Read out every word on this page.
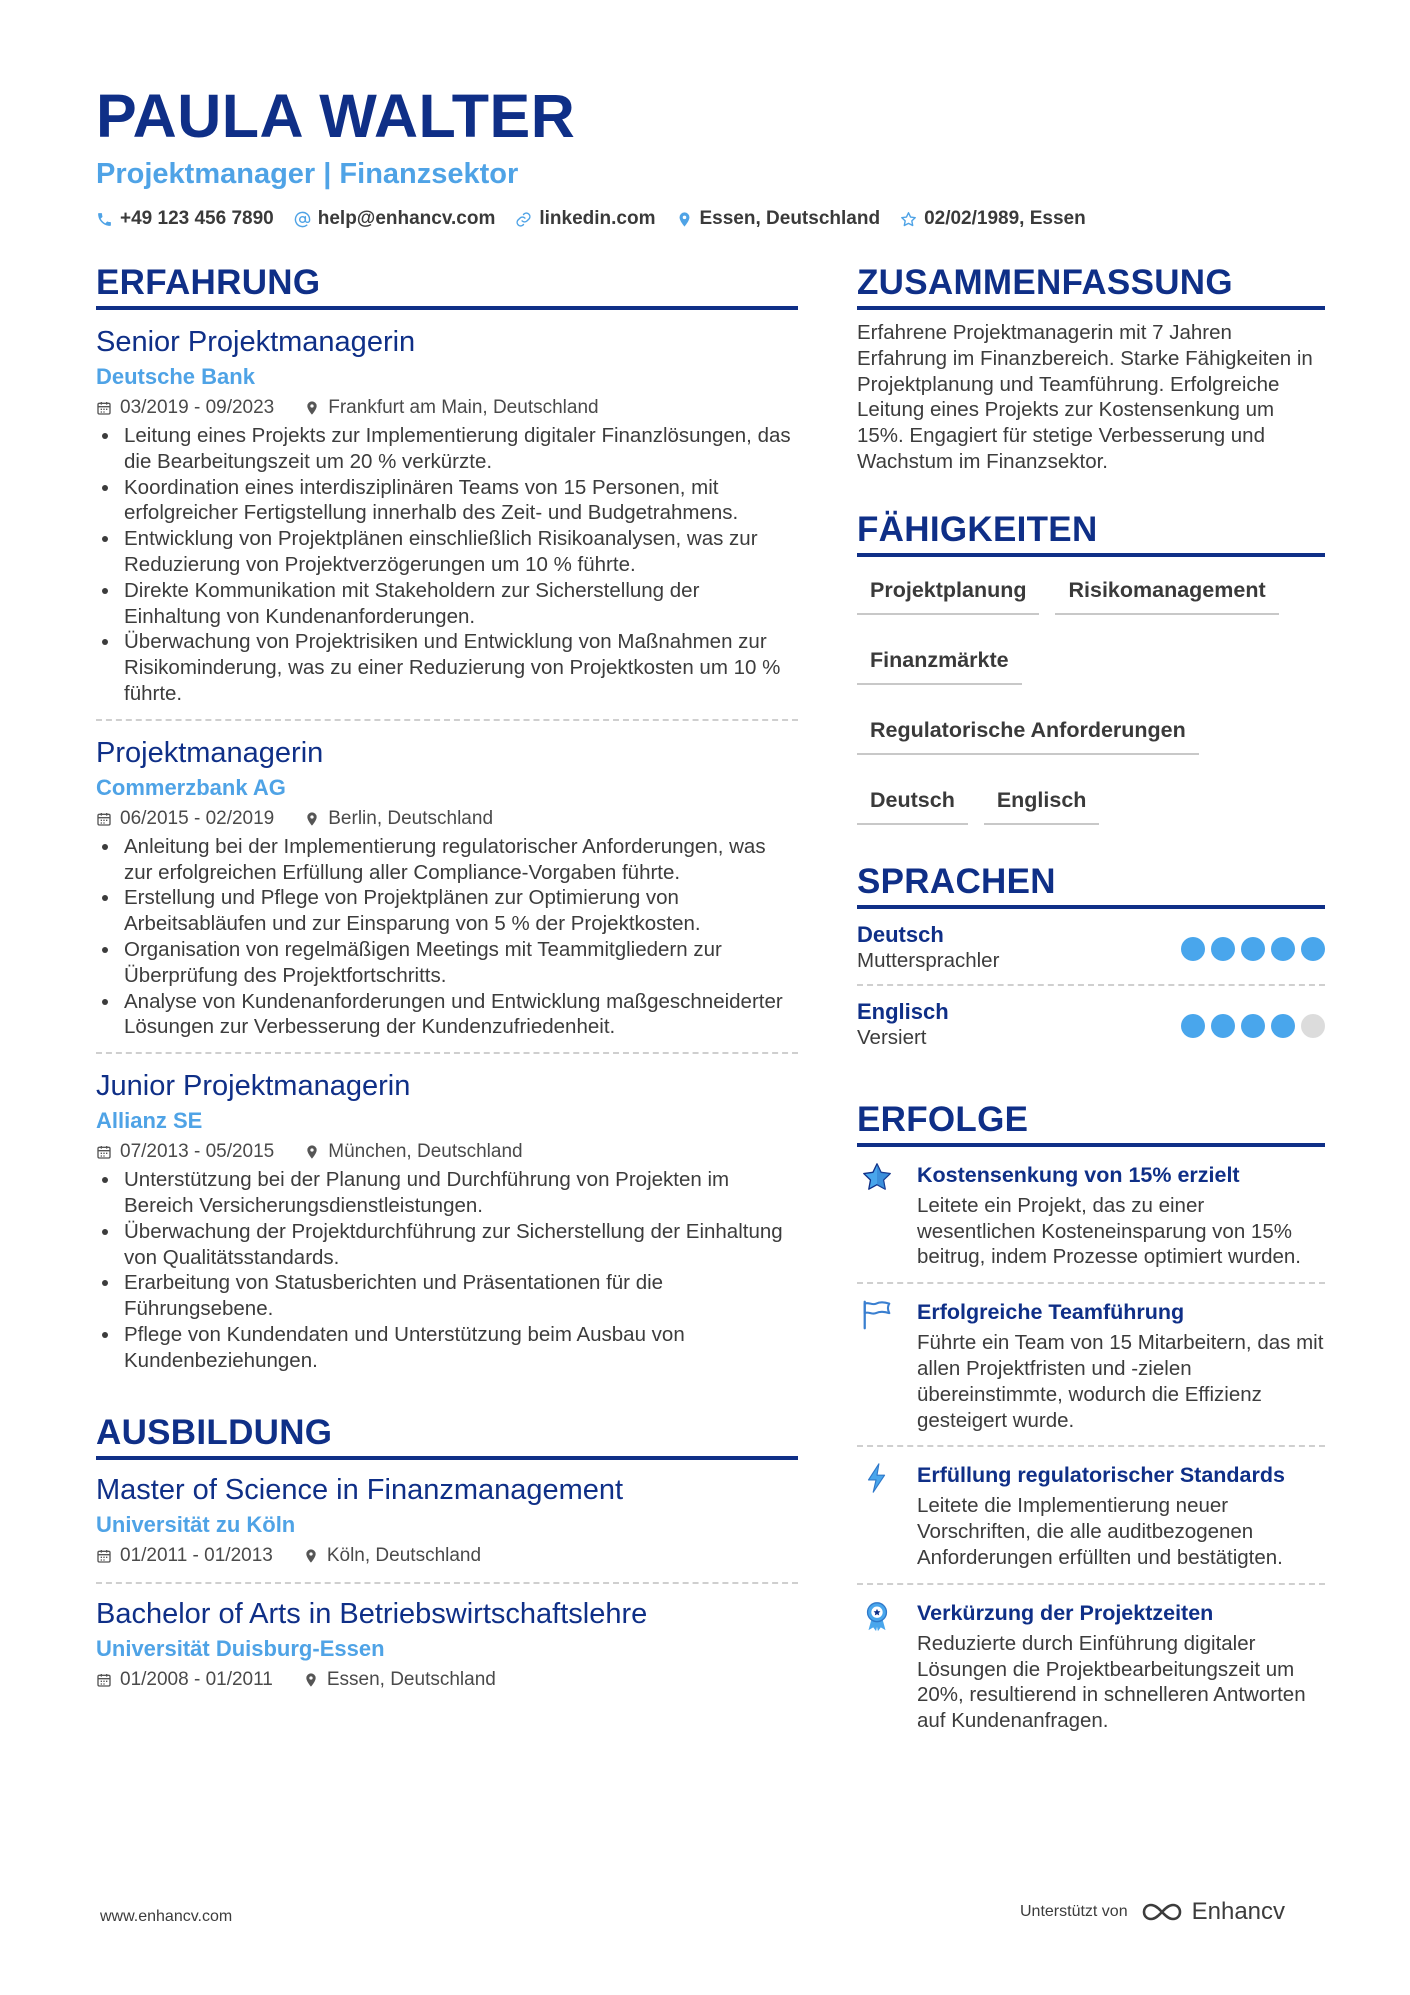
PAULA WALTER
Projektmanager | Finanzsektor
+49 123 456 7890 help@enhancv.com linkedin.com Essen, Deutschland 02/02/1989, Essen
ERFAHRUNG
Senior Projektmanagerin
Deutsche Bank
03/2019 - 09/2023	Frankfurt am Main, Deutschland
Leitung eines Projekts zur Implementierung digitaler Finanzlösungen, das die Bearbeitungszeit um 20 % verkürzte.
Koordination eines interdisziplinären Teams von 15 Personen, mit erfolgreicher Fertigstellung innerhalb des Zeit- und Budgetrahmens.
Entwicklung von Projektplänen einschließlich Risikoanalysen, was zur Reduzierung von Projektverzögerungen um 10 % führte.
Direkte Kommunikation mit Stakeholdern zur Sicherstellung der Einhaltung von Kundenanforderungen.
Überwachung von Projektrisiken und Entwicklung von Maßnahmen zur Risikominderung, was zu einer Reduzierung von Projektkosten um 10 % führte.
Projektmanagerin
Commerzbank AG
06/2015 - 02/2019	Berlin, Deutschland
Anleitung bei der Implementierung regulatorischer Anforderungen, was zur erfolgreichen Erfüllung aller Compliance-Vorgaben führte.
Erstellung und Pflege von Projektplänen zur Optimierung von Arbeitsabläufen und zur Einsparung von 5 % der Projektkosten.
Organisation von regelmäßigen Meetings mit Teammitgliedern zur Überprüfung des Projektfortschritts.
Analyse von Kundenanforderungen und Entwicklung maßgeschneiderter Lösungen zur Verbesserung der Kundenzufriedenheit.
Junior Projektmanagerin
Allianz SE
07/2013 - 05/2015	München, Deutschland
Unterstützung bei der Planung und Durchführung von Projekten im Bereich Versicherungsdienstleistungen.
Überwachung der Projektdurchführung zur Sicherstellung der Einhaltung von Qualitätsstandards.
Erarbeitung von Statusberichten und Präsentationen für die Führungsebene.
Pflege von Kundendaten und Unterstützung beim Ausbau von Kundenbeziehungen.
AUSBILDUNG
Master of Science in Finanzmanagement
Universität zu Köln
01/2011 - 01/2013	Köln, Deutschland
Bachelor of Arts in Betriebswirtschaftslehre
Universität Duisburg-Essen
01/2008 - 01/2011	Essen, Deutschland
ZUSAMMENFASSUNG
Erfahrene Projektmanagerin mit 7 Jahren Erfahrung im Finanzbereich. Starke Fähigkeiten in Projektplanung und Teamführung. Erfolgreiche Leitung eines Projekts zur Kostensenkung um 15%. Engagiert für stetige Verbesserung und Wachstum im Finanzsektor.
FÄHIGKEITEN
Projektplanung	Risikomanagement
Finanzmärkte
Regulatorische Anforderungen
Deutsch	Englisch
SPRACHEN
Deutsch
Muttersprachler
Englisch
Versiert
ERFOLGE
Kostensenkung von 15% erzielt
Leitete ein Projekt, das zu einer wesentlichen Kosteneinsparung von 15% beitrug, indem Prozesse optimiert wurden.
Erfolgreiche Teamführung
Führte ein Team von 15 Mitarbeitern, das mit allen Projektfristen und -zielen übereinstimmte, wodurch die Effizienz gesteigert wurde.
Erfüllung regulatorischer Standards
Leitete die Implementierung neuer Vorschriften, die alle auditbezogenen Anforderungen erfüllten und bestätigten.
Verkürzung der Projektzeiten
Reduzierte durch Einführung digitaler Lösungen die Projektbearbeitungszeit um 20%, resultierend in schnelleren Antworten auf Kundenanfragen.
www.enhancv.com	Unterstützt von	Enhancv
